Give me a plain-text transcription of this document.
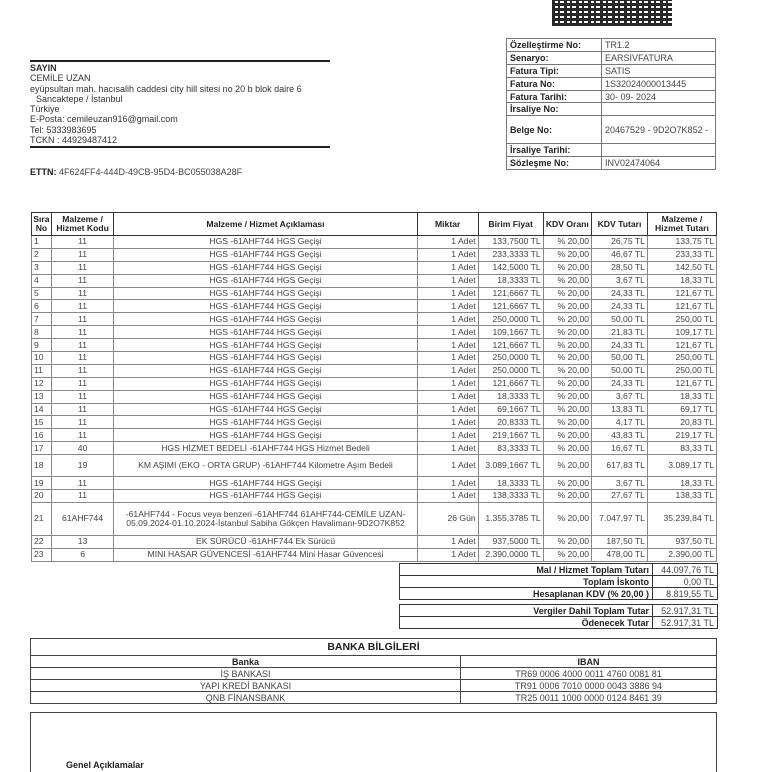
Özelleştirme No:	TR1.2
Senaryo:	EARSIVFATURA
Fatura Tipi:	SATIS
Fatura No:	1S32024000013445
Fatura Tarihi:	30- 09- 2024
İrsaliye No:	
Belge No:	20467529 - 9D2O7K852 -
İrsaliye Tarihi:	
Sözleşme No:	INV02474064
SAYIN
CEMİLE UZAN
eyüpsultan mah. hacısalih caddesi city hill sitesi no 20 b blok daire 6
Sancaktepe / İstanbul
Türkiye
E-Posta: cemileuzan916@gmail.com
Tel: 5333983695
TCKN : 44929487412
ETTN: 4F624FF4-444D-49CB-95D4-BC055038A28F
Sıra No	Malzeme / Hizmet Kodu	Malzeme / Hizmet Açıklaması	Miktar	Birim Fiyat	KDV Oranı	KDV Tutarı	Malzeme / Hizmet Tutarı
1	11	HGS -61AHF744 HGS Geçişi	1 Adet	133,7500 TL	% 20,00	26,75 TL	133,75 TL
2	11	HGS -61AHF744 HGS Geçişi	1 Adet	233,3333 TL	% 20,00	46,67 TL	233,33 TL
3	11	HGS -61AHF744 HGS Geçişi	1 Adet	142,5000 TL	% 20,00	28,50 TL	142,50 TL
4	11	HGS -61AHF744 HGS Geçişi	1 Adet	18,3333 TL	% 20,00	3,67 TL	18,33 TL
5	11	HGS -61AHF744 HGS Geçişi	1 Adet	121,6667 TL	% 20,00	24,33 TL	121,67 TL
6	11	HGS -61AHF744 HGS Geçişi	1 Adet	121,6667 TL	% 20,00	24,33 TL	121,67 TL
7	11	HGS -61AHF744 HGS Geçişi	1 Adet	250,0000 TL	% 20,00	50,00 TL	250,00 TL
8	11	HGS -61AHF744 HGS Geçişi	1 Adet	109,1667 TL	% 20,00	21,83 TL	109,17 TL
9	11	HGS -61AHF744 HGS Geçişi	1 Adet	121,6667 TL	% 20,00	24,33 TL	121,67 TL
10	11	HGS -61AHF744 HGS Geçişi	1 Adet	250,0000 TL	% 20,00	50,00 TL	250,00 TL
11	11	HGS -61AHF744 HGS Geçişi	1 Adet	250,0000 TL	% 20,00	50,00 TL	250,00 TL
12	11	HGS -61AHF744 HGS Geçişi	1 Adet	121,6667 TL	% 20,00	24,33 TL	121,67 TL
13	11	HGS -61AHF744 HGS Geçişi	1 Adet	18,3333 TL	% 20,00	3,67 TL	18,33 TL
14	11	HGS -61AHF744 HGS Geçişi	1 Adet	69,1667 TL	% 20,00	13,83 TL	69,17 TL
15	11	HGS -61AHF744 HGS Geçişi	1 Adet	20,8333 TL	% 20,00	4,17 TL	20,83 TL
16	11	HGS -61AHF744 HGS Geçişi	1 Adet	219,1667 TL	% 20,00	43,83 TL	219,17 TL
17	40	HGS HİZMET BEDELİ -61AHF744 HGS Hizmet Bedeli	1 Adet	83,3333 TL	% 20,00	16,67 TL	83,33 TL
18	19	KM AŞIMI (EKO - ORTA GRUP) -61AHF744 Kilometre Aşım Bedeli	1 Adet	3.089,1667 TL	% 20,00	617,83 TL	3.089,17 TL
19	11	HGS -61AHF744 HGS Geçişi	1 Adet	18,3333 TL	% 20,00	3,67 TL	18,33 TL
20	11	HGS -61AHF744 HGS Geçişi	1 Adet	138,3333 TL	% 20,00	27,67 TL	138,33 TL
21	61AHF744	-61AHF744 - Focus veya benzeri -61AHF744 61AHF744-CEMİLE UZAN-05.09.2024-01.10.2024-İstanbul Sabiha Gökçen Havalimanı-9D2O7K852	26 Gün	1.355,3785 TL	% 20,00	7.047,97 TL	35.239,84 TL
22	13	EK SÜRÜCÜ -61AHF744 Ek Sürücü	1 Adet	937,5000 TL	% 20,00	187,50 TL	937,50 TL
23	6	MINI HASAR GÜVENCESİ -61AHF744 Mini Hasar Güvencesi	1 Adet	2.390,0000 TL	% 20,00	478,00 TL	2.390,00 TL
Mal / Hizmet Toplam Tutarı	44.097,76 TL
Toplam İskonto	0,00 TL
Hesaplanan KDV (% 20,00 )	8.819,55 TL

Vergiler Dahil Toplam Tutar	52.917,31 TL
Ödenecek Tutar	52.917,31 TL
BANKA BİLGİLERİ	
Banka	IBAN
İŞ BANKASI	TR69 0006 4000 0011 4760 0081 81
YAPI KREDİ BANKASI	TR91 0006 7010 0000 0043 3886 94
QNB FİNANSBANK	TR25 0011 1000 0000 0124 8461 39
Genel Açıklamalar
